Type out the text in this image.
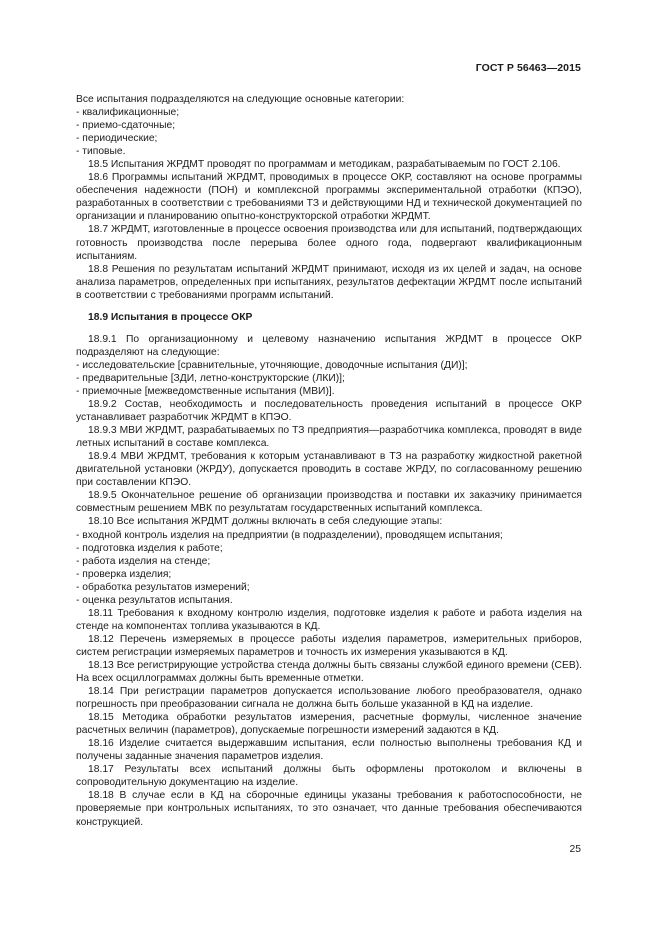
ГОСТ Р 56463—2015

Все испытания подразделяются на следующие основные категории:

- квалификационные;

- приемо-сдаточные;

- периодические;

- типовые.

18.5 Испытания ЖРДМТ проводят по программам и методикам, разрабатываемым по ГОСТ 2.106.

18.6 Программы испытаний ЖРДМТ, проводимых в процессе ОКР, составляют на основе программы обеспечения надежности (ПОН) и комплексной программы экспериментальной отработки (КПЭО), разработанных в соответствии с требованиями ТЗ и действующими НД и технической документацией по организации и планированию опытно-конструкторской отработки ЖРДМТ.

18.7 ЖРДМТ, изготовленные в процессе освоения производства или для испытаний, подтверждающих готовность производства после перерыва более одного года, подвергают квалификационным испытаниям.

18.8 Решения по результатам испытаний ЖРДМТ принимают, исходя из их целей и задач, на основе анализа параметров, определенных при испытаниях, результатов дефектации ЖРДМТ после испытаний в соответствии с требованиями программ испытаний.

18.9 Испытания в процессе ОКР

18.9.1 По организационному и целевому назначению испытания ЖРДМТ в процессе ОКР подразделяют на следующие:

- исследовательские [сравнительные, уточняющие, доводочные испытания (ДИ)];

- предварительные [ЗДИ, летно-конструкторские (ЛКИ)];

- приемочные [межведомственные испытания (МВИ)].

18.9.2 Состав, необходимость и последовательность проведения испытаний в процессе ОКР устанавливает разработчик ЖРДМТ в КПЭО.

18.9.3 МВИ ЖРДМТ, разрабатываемых по ТЗ предприятия—разработчика комплекса, проводят в виде летных испытаний в составе комплекса.

18.9.4 МВИ ЖРДМТ, требования к которым устанавливают в ТЗ на разработку жидкостной ракетной двигательной установки (ЖРДУ), допускается проводить в составе ЖРДУ, по согласованному решению при составлении КПЭО.

18.9.5 Окончательное решение об организации производства и поставки их заказчику принимается совместным решением МВК по результатам государственных испытаний комплекса.

18.10 Все испытания ЖРДМТ должны включать в себя следующие этапы:

- входной контроль изделия на предприятии (в подразделении), проводящем испытания;

- подготовка изделия к работе;

- работа изделия на стенде;

- проверка изделия;

- обработка результатов измерений;

- оценка результатов испытания.

18.11 Требования к входному контролю изделия, подготовке изделия к работе и работа изделия на стенде на компонентах топлива указываются в КД.

18.12 Перечень измеряемых в процессе работы изделия параметров, измерительных приборов, систем регистрации измеряемых параметров и точность их измерения указываются в КД.

18.13 Все регистрирующие устройства стенда должны быть связаны службой единого времени (СЕВ). На всех осциллограммах должны быть временные отметки.

18.14 При регистрации параметров допускается использование любого преобразователя, однако погрешность при преобразовании сигнала не должна быть больше указанной в КД на изделие.

18.15 Методика обработки результатов измерения, расчетные формулы, численное значение расчетных величин (параметров), допускаемые погрешности измерений задаются в КД.

18.16 Изделие считается выдержавшим испытания, если полностью выполнены требования КД и получены заданные значения параметров изделия.

18.17 Результаты всех испытаний должны быть оформлены протоколом и включены в сопроводительную документацию на изделие.

18.18 В случае если в КД на сборочные единицы указаны требования к работоспособности, не проверяемые при контрольных испытаниях, то это означает, что данные требования обеспечиваются конструкцией.

25
